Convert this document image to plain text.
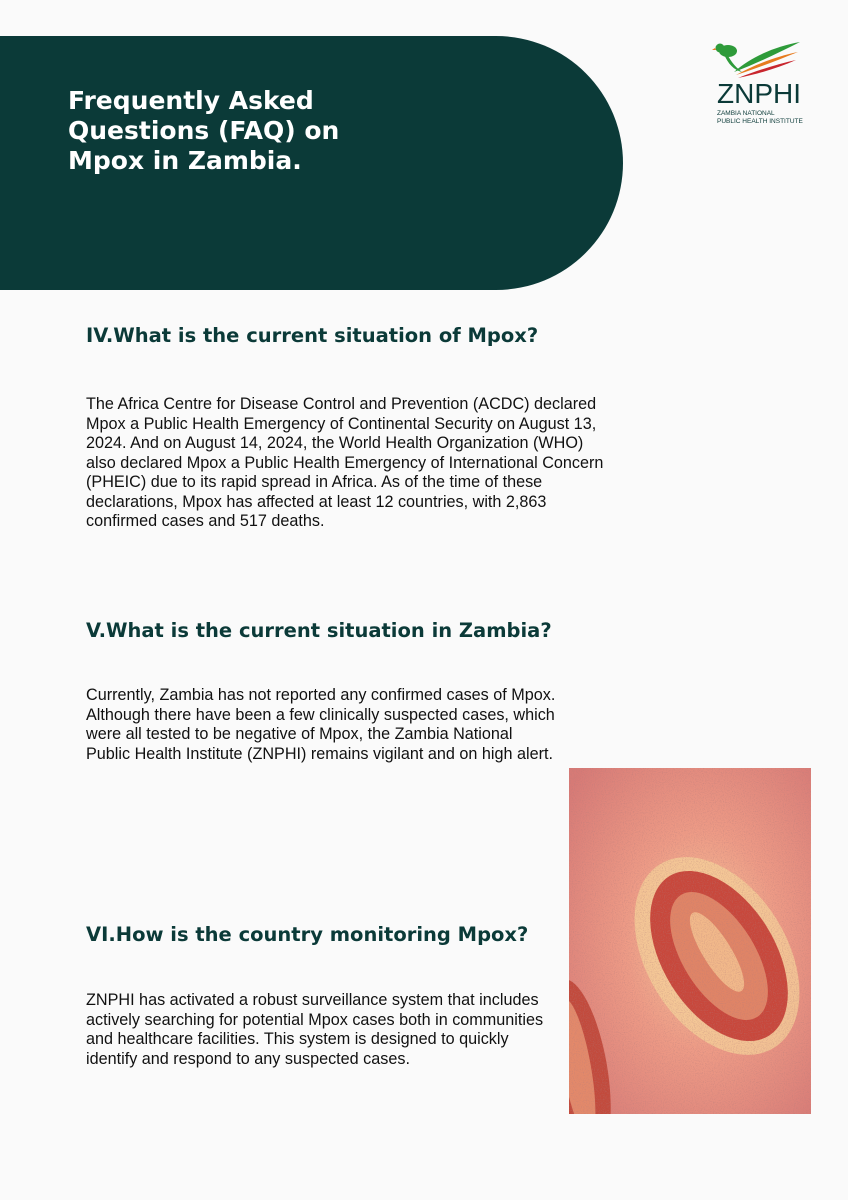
Frequently Asked Questions (FAQ) on Mpox in Zambia.
ZNPHI
ZAMBIA NATIONAL
PUBLIC HEALTH INSTITUTE
IV.What is the current situation of Mpox?

The Africa Centre for Disease Control and Prevention (ACDC) declared Mpox a Public Health Emergency of Continental Security on August 13, 2024. And on August 14, 2024, the World Health Organization (WHO) also declared Mpox a Public Health Emergency of International Concern (PHEIC) due to its rapid spread in Africa. As of the time of these declarations, Mpox has affected at least 12 countries, with 2,863 confirmed cases and 517 deaths.

V.What is the current situation in Zambia?

Currently, Zambia has not reported any confirmed cases of Mpox. Although there have been a few clinically suspected cases, which were all tested to be negative of Mpox, the Zambia National Public Health Institute (ZNPHI) remains vigilant and on high alert.

VI.How is the country monitoring Mpox?

ZNPHI has activated a robust surveillance system that includes actively searching for potential Mpox cases both in communities and healthcare facilities. This system is designed to quickly identify and respond to any suspected cases.
